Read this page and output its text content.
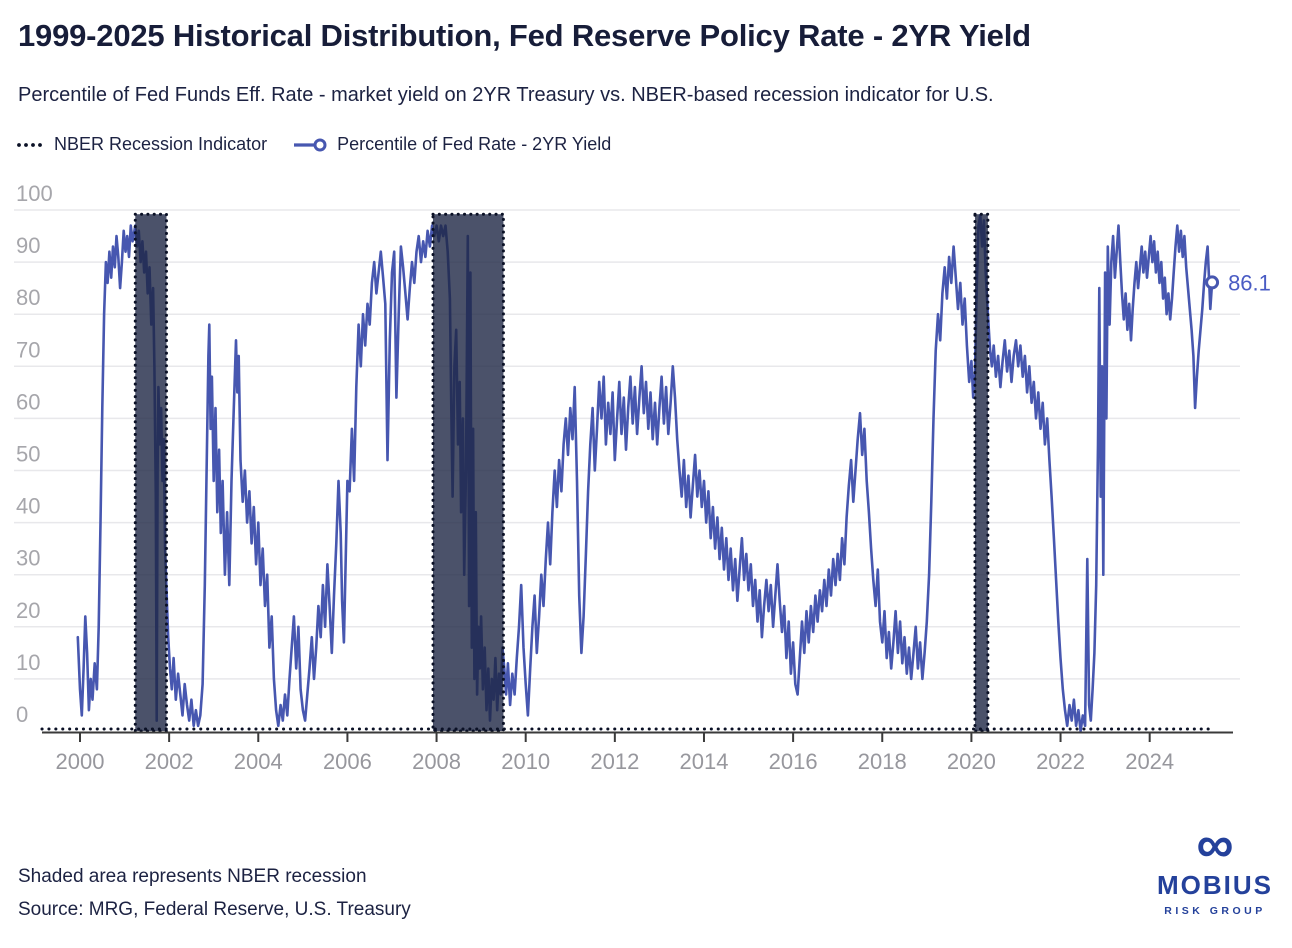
1999-2025 Historical Distribution, Fed Reserve Policy Rate - 2YR Yield
Percentile of Fed Funds Eff. Rate - market yield on 2YR Treasury vs. NBER-based recession indicator for U.S.
NBER Recession Indicator	Percentile of Fed Rate - 2YR Yield
0
10
20
30
40
50
60
70
80
90
100
2000 2002 2004 2006 2008 2010 2012 2014 2016 2018 2020 2022 2024
86.1
Shaded area represents NBER recession
Source: MRG, Federal Reserve, U.S. Treasury
∞
MOBIUS
RISK GROUP
